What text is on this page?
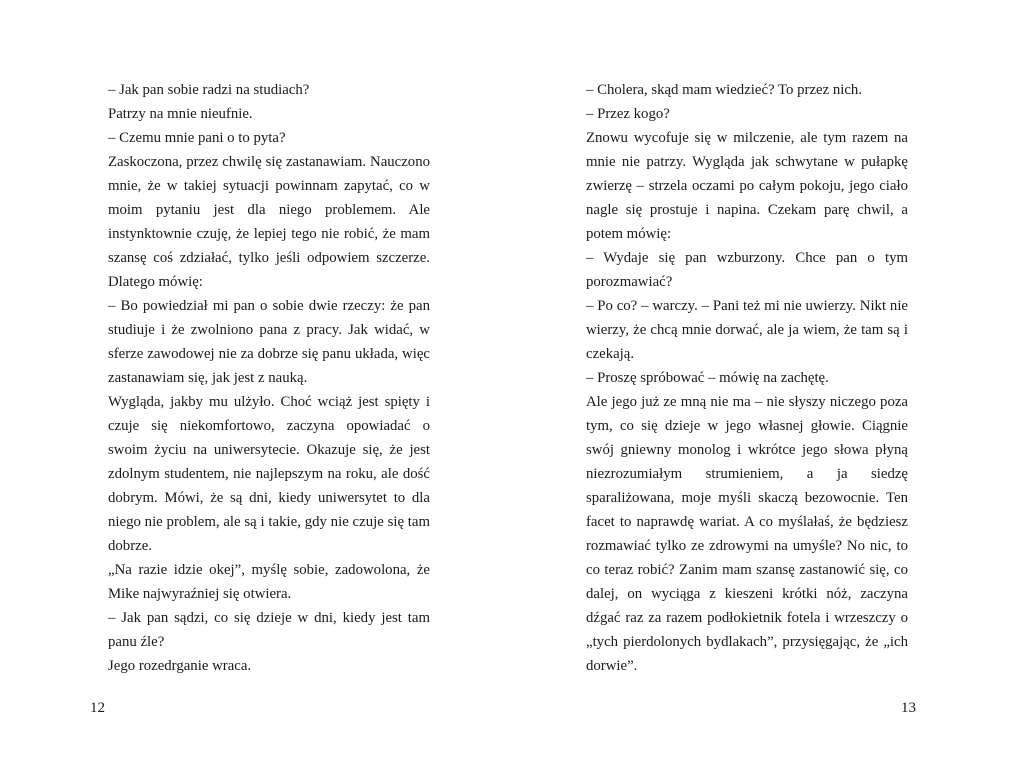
– Jak pan sobie radzi na studiach?

Patrzy na mnie nieufnie.

– Czemu mnie pani o to pyta?

Zaskoczona, przez chwilę się zastanawiam. Nauczono mnie, że w takiej sytuacji powinnam zapytać, co w moim pytaniu jest dla niego problemem. Ale instynktownie czuję, że lepiej tego nie robić, że mam szansę coś zdziałać, tylko jeśli odpowiem szczerze. Dlatego mówię:

– Bo powiedział mi pan o sobie dwie rzeczy: że pan studiuje i że zwolniono pana z pracy. Jak widać, w sferze zawodowej nie za dobrze się panu układa, więc zastanawiam się, jak jest z nauką.

Wygląda, jakby mu ulżyło. Choć wciąż jest spięty i czuje się niekomfortowo, zaczyna opowiadać o swoim życiu na uniwersytecie. Okazuje się, że jest zdolnym studentem, nie najlepszym na roku, ale dość dobrym. Mówi, że są dni, kiedy uniwersytet to dla niego nie problem, ale są i takie, gdy nie czuje się tam dobrze.

„Na razie idzie okej”, myślę sobie, zadowolona, że Mike najwyraźniej się otwiera.

– Jak pan sądzi, co się dzieje w dni, kiedy jest tam panu źle?

Jego rozedrganie wraca.

– Cholera, skąd mam wiedzieć? To przez nich.

– Przez kogo?

Znowu wycofuje się w milczenie, ale tym razem na mnie nie patrzy. Wygląda jak schwytane w pułapkę zwierzę – strzela oczami po całym pokoju, jego ciało nagle się prostuje i napina. Czekam parę chwil, a potem mówię:

– Wydaje się pan wzburzony. Chce pan o tym porozmawiać?

– Po co? – warczy. – Pani też mi nie uwierzy. Nikt nie wierzy, że chcą mnie dorwać, ale ja wiem, że tam są i czekają.

– Proszę spróbować – mówię na zachętę.

Ale jego już ze mną nie ma – nie słyszy niczego poza tym, co się dzieje w jego własnej głowie. Ciągnie swój gniewny monolog i wkrótce jego słowa płyną niezrozumiałym strumieniem, a ja siedzę sparaliżowana, moje myśli skaczą bezowocnie. Ten facet to naprawdę wariat. A co myślałaś, że będziesz rozmawiać tylko ze zdrowymi na umyśle? No nic, to co teraz robić? Zanim mam szansę zastanowić się, co dalej, on wyciąga z kieszeni krótki nóż, zaczyna dźgać raz za razem podłokietnik fotela i wrzeszczy o „tych pierdolonych bydlakach”, przysięgając, że „ich dorwie”.

12	13
